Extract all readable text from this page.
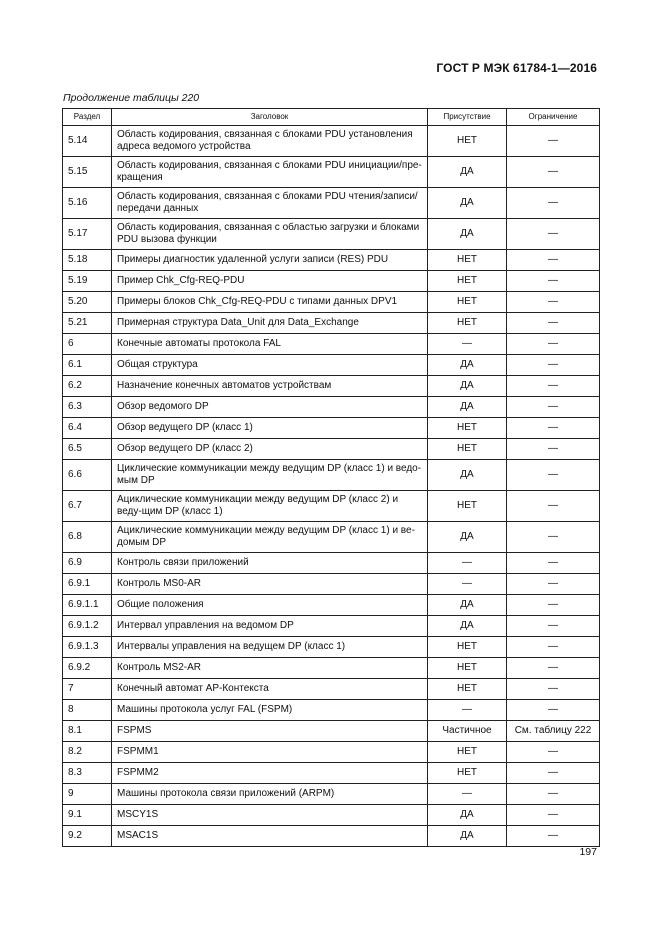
ГОСТ Р МЭК 61784-1—2016
Продолжение таблицы 220
Раздел	Заголовок	Присутствие	Ограничение
5.14	Область кодирования, связанная с блоками PDU установления адреса ведомого устройства	НЕТ	—
5.15	Область кодирования, связанная с блоками PDU инициации/пре-кращения	ДА	—
5.16	Область кодирования, связанная с блоками PDU чтения/записи/передачи данных	ДА	—
5.17	Область кодирования, связанная с областью загрузки и блоками PDU вызова функции	ДА	—
5.18	Примеры диагностик удаленной услуги записи (RES) PDU	НЕТ	—
5.19	Пример Chk_Cfg-REQ-PDU	НЕТ	—
5.20	Примеры блоков Chk_Cfg-REQ-PDU с типами данных DPV1	НЕТ	—
5.21	Примерная структура Data_Unit для Data_Exchange	НЕТ	—
6	Конечные автоматы протокола FAL	—	—
6.1	Общая структура	ДА	—
6.2	Назначение конечных автоматов устройствам	ДА	—
6.3	Обзор ведомого DP	ДА	—
6.4	Обзор ведущего DP (класс 1)	НЕТ	—
6.5	Обзор ведущего DP (класс 2)	НЕТ	—
6.6	Циклические коммуникации между ведущим DP (класс 1) и ведо-мым DP	ДА	—
6.7	Ациклические коммуникации между ведущим DP (класс 2) и веду-щим DP (класс 1)	НЕТ	—
6.8	Ациклические коммуникации между ведущим DP (класс 1) и ве-домым DP	ДА	—
6.9	Контроль связи приложений	—	—
6.9.1	Контроль MS0-AR	—	—
6.9.1.1	Общие положения	ДА	—
6.9.1.2	Интервал управления на ведомом DP	ДА	—
6.9.1.3	Интервалы управления на ведущем DP (класс 1)	НЕТ	—
6.9.2	Контроль MS2-AR	НЕТ	—
7	Конечный автомат AP-Контекста	НЕТ	—
8	Машины протокола услуг FAL (FSPM)	—	—
8.1	FSPMS	Частичное	См. таблицу 222
8.2	FSPMM1	НЕТ	—
8.3	FSPMM2	НЕТ	—
9	Машины протокола связи приложений (ARPM)	—	—
9.1	MSCY1S	ДА	—
9.2	MSAC1S	ДА	—
197
